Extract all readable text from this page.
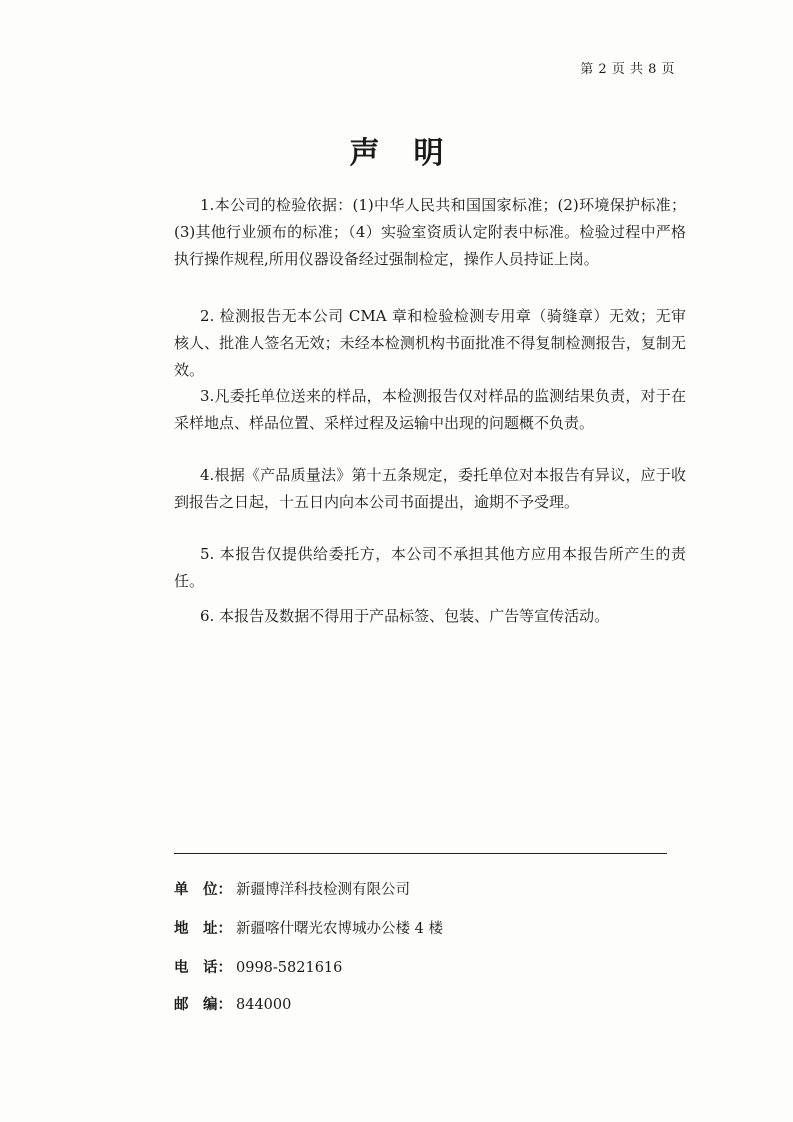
第 2 页 共 8 页
声明
1.本公司的检验依据：(1)中华人民共和国国家标准；(2)环境保护标准；(3)其他行业颁布的标准；（4）实验室资质认定附表中标准。检验过程中严格执行操作规程,所用仪器设备经过强制检定，操作人员持证上岗。
2. 检测报告无本公司 CMA 章和检验检测专用章（骑缝章）无效；无审核人、批准人签名无效；未经本检测机构书面批准不得复制检测报告，复制无效。
3.凡委托单位送来的样品，本检测报告仅对样品的监测结果负责，对于在采样地点、样品位置、采样过程及运输中出现的问题概不负责。
4.根据《产品质量法》第十五条规定，委托单位对本报告有异议，应于收到报告之日起，十五日内向本公司书面提出，逾期不予受理。
5. 本报告仅提供给委托方，本公司不承担其他方应用本报告所产生的责任。
6. 本报告及数据不得用于产品标签、包装、广告等宣传活动。
单　位： 新疆博洋科技检测有限公司
地　址： 新疆喀什曙光农博城办公楼 4 楼
电　话： 0998-5821616
邮　编： 844000
